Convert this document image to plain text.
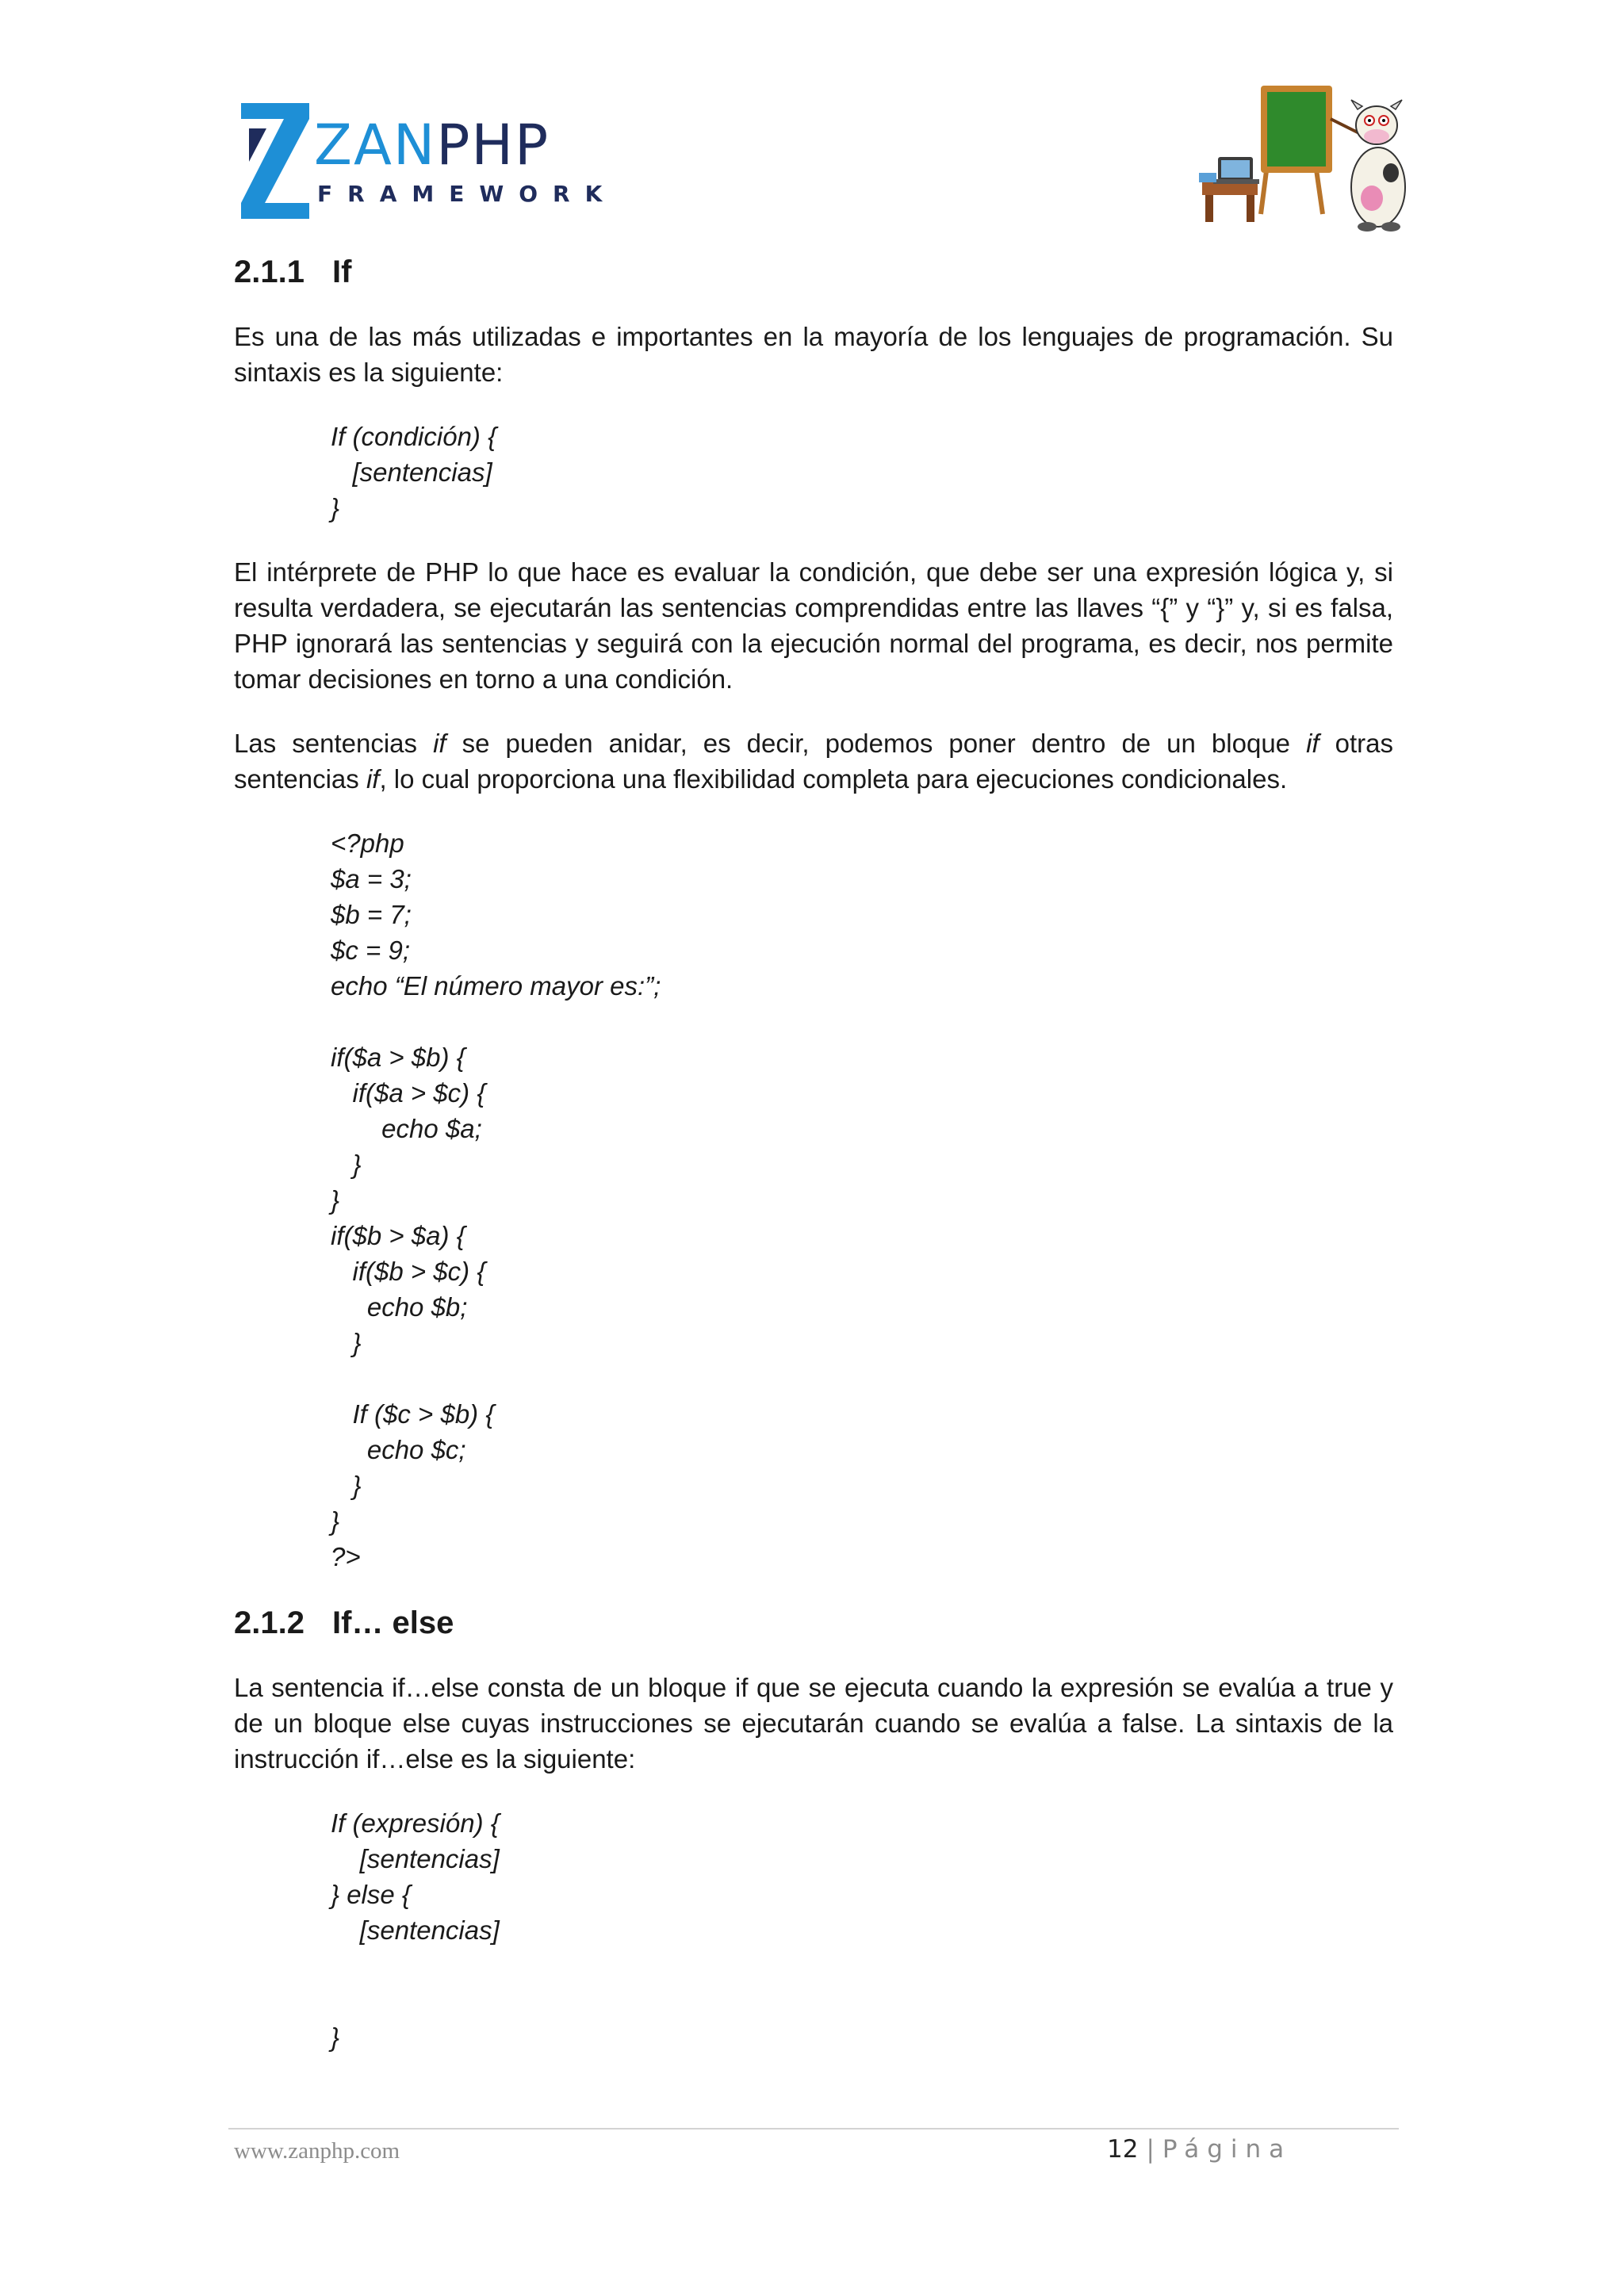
ZANPHP
FRAMEWORK
2.1.1 If

Es una de las más utilizadas e importantes en la mayoría de los lenguajes de programación. Su sintaxis es la siguiente:

If (condición) {
[sentencias]
}

El intérprete de PHP lo que hace es evaluar la condición, que debe ser una expresión lógica y, si resulta verdadera, se ejecutarán las sentencias comprendidas entre las llaves “{” y “}” y, si es falsa, PHP ignorará las sentencias y seguirá con la ejecución normal del programa, es decir, nos permite tomar decisiones en torno a una condición.

Las sentencias if se pueden anidar, es decir, podemos poner dentro de un bloque if otras sentencias if, lo cual proporciona una flexibilidad completa para ejecuciones condicionales.

<?php
$a = 3;
$b = 7;
$c = 9;
echo “El número mayor es:”;
if($a > $b) {
if($a > $c) {
echo $a;
}
}
if($b > $a) {
if($b > $c) {
echo $b;
}
If ($c > $b) {
echo $c;
}
}
?>
2.1.2 If… else

La sentencia if…else consta de un bloque if que se ejecuta cuando la expresión se evalúa a true y de un bloque else cuyas instrucciones se ejecutarán cuando se evalúa a false. La sintaxis de la instrucción if…else es la siguiente:

If (expresión) {
[sentencias]
} else {
[sentencias]
}
www.zanphp.com	12 | Página
